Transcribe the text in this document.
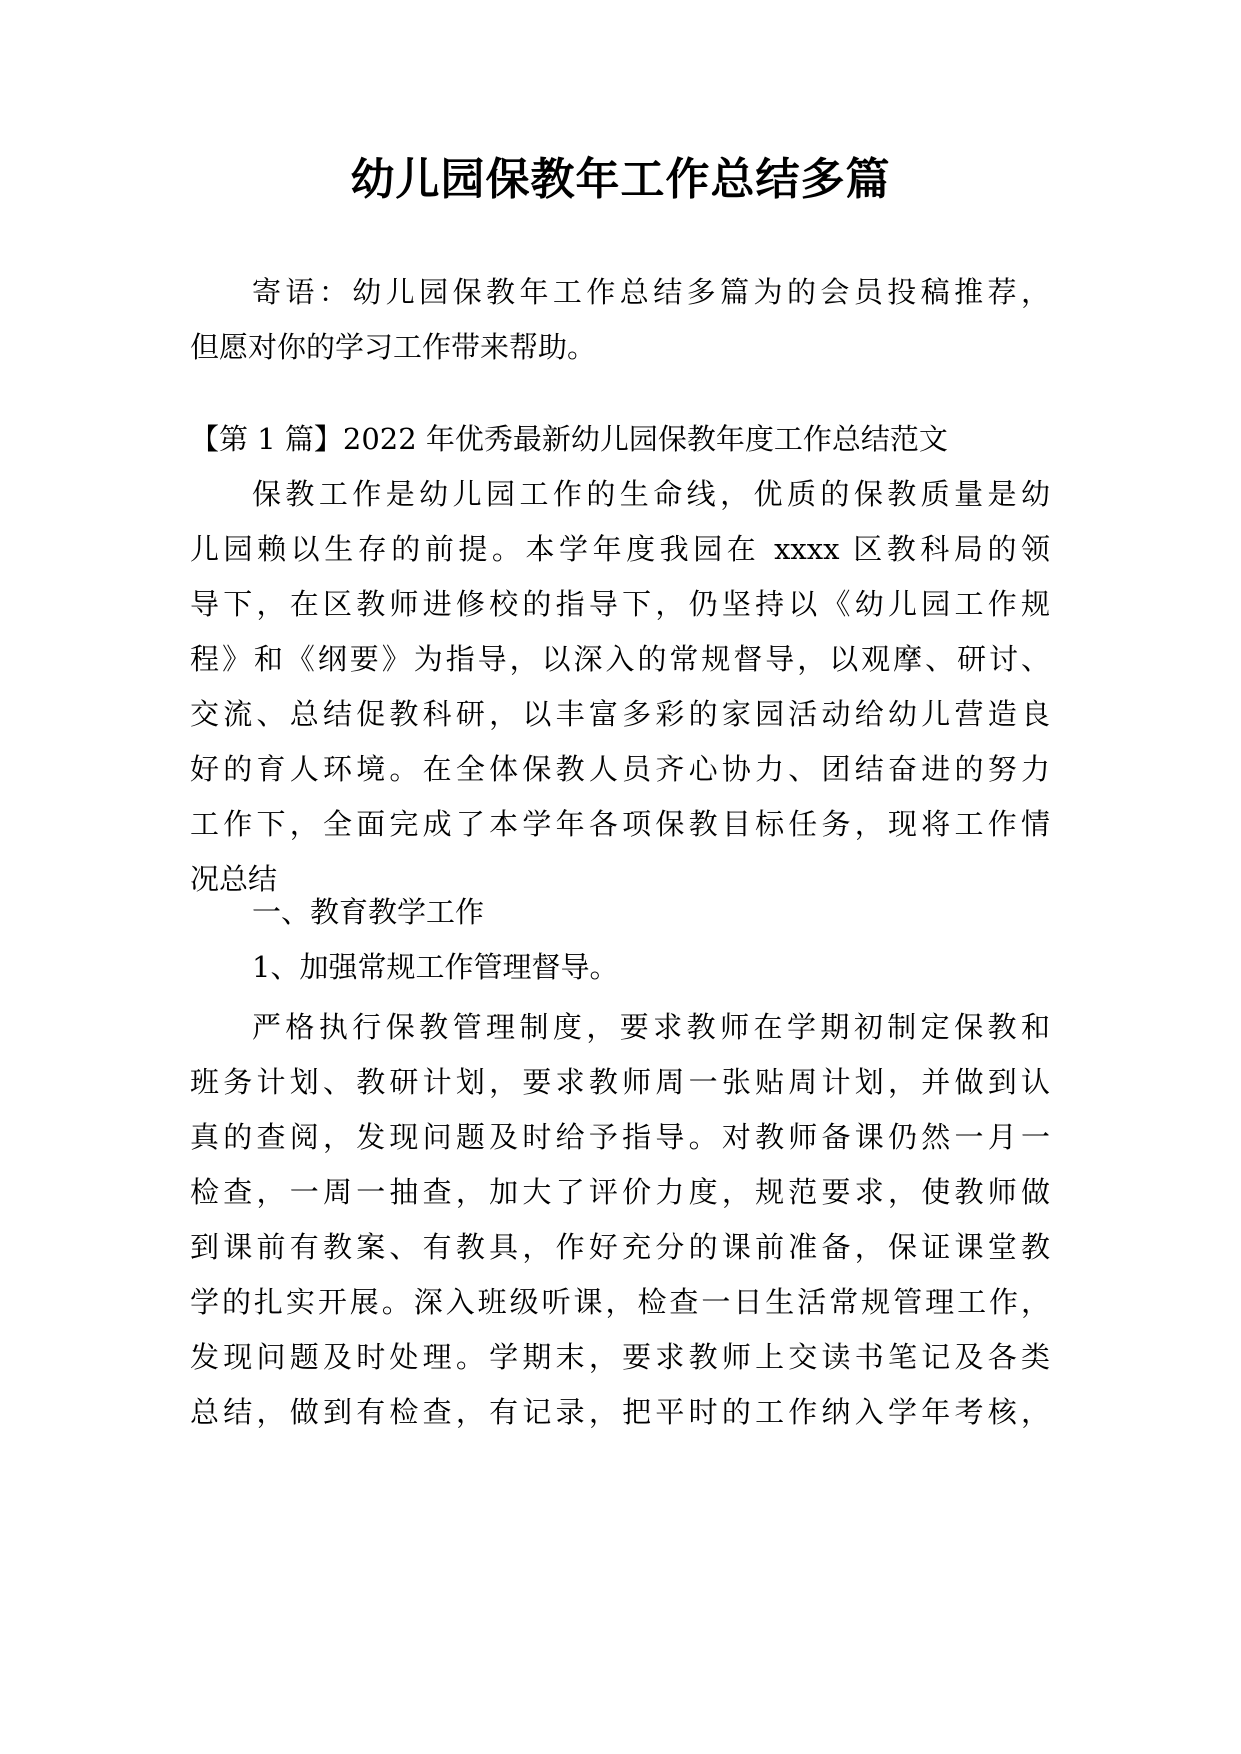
幼儿园保教年工作总结多篇
寄语：幼儿园保教年工作总结多篇为的会员投稿推荐，
但愿对你的学习工作带来帮助。
【第 1 篇】2022 年优秀最新幼儿园保教年度工作总结范文
保教工作是幼儿园工作的生命线，优质的保教质量是幼
儿园赖以生存的前提。本学年度我园在 xxxx 区教科局的领
导下，在区教师进修校的指导下，仍坚持以《幼儿园工作规
程》和《纲要》为指导，以深入的常规督导，以观摩、研讨、
交流、总结促教科研，以丰富多彩的家园活动给幼儿营造良
好的育人环境。在全体保教人员齐心协力、团结奋进的努力
工作下，全面完成了本学年各项保教目标任务，现将工作情
况总结
一、教育教学工作
1、加强常规工作管理督导。
严格执行保教管理制度，要求教师在学期初制定保教和
班务计划、教研计划，要求教师周一张贴周计划，并做到认
真的查阅，发现问题及时给予指导。对教师备课仍然一月一
检查，一周一抽查，加大了评价力度，规范要求，使教师做
到课前有教案、有教具，作好充分的课前准备，保证课堂教
学的扎实开展。深入班级听课，检查一日生活常规管理工作，
发现问题及时处理。学期末，要求教师上交读书笔记及各类
总结，做到有检查，有记录，把平时的工作纳入学年考核，
